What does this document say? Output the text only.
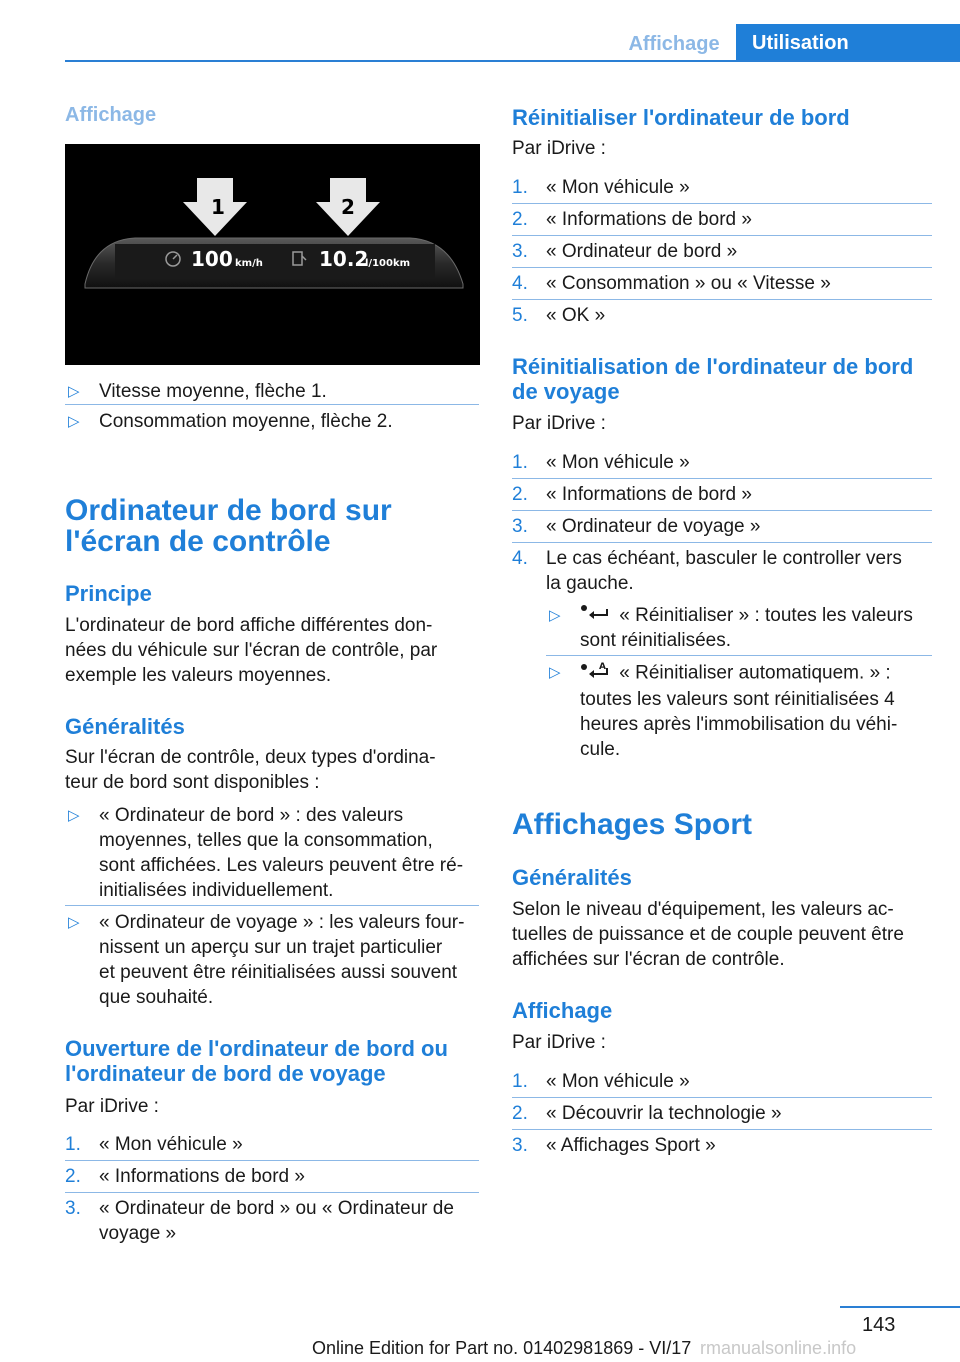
Affichage	Utilisation
Affichage
1	2
100 km/h	10.2
l/100km
▷ Vitesse moyenne, flèche 1.
▷ Consommation moyenne, flèche 2.
Ordinateur de bord sur
l'écran de contrôle
Principe
L'ordinateur de bord affiche différentes don-
nées du véhicule sur l'écran de contrôle, par
exemple les valeurs moyennes.
Généralités
Sur l'écran de contrôle, deux types d'ordina-
teur de bord sont disponibles :
▷ « Ordinateur de bord » : des valeurs
moyennes, telles que la consommation,
sont affichées. Les valeurs peuvent être ré-
initialisées individuellement.
▷ « Ordinateur de voyage » : les valeurs four-
nissent un aperçu sur un trajet particulier
et peuvent être réinitialisées aussi souvent
que souhaité.
Ouverture de l'ordinateur de bord ou
l'ordinateur de bord de voyage
Par iDrive :
1. « Mon véhicule »
2. « Informations de bord »
3. « Ordinateur de bord » ou « Ordinateur de
voyage »
Réinitialiser l'ordinateur de bord
Par iDrive :
1. « Mon véhicule »
2. « Informations de bord »
3. « Ordinateur de bord »
4. « Consommation » ou « Vitesse »
5. « OK »
Réinitialisation de l'ordinateur de bord
de voyage
Par iDrive :
1. « Mon véhicule »
2. « Informations de bord »
3. « Ordinateur de voyage »
4. Le cas échéant, basculer le controller vers
la gauche.
▷	« Réinitialiser » : toutes les valeurs
sont réinitialisées.
▷	A « Réinitialiser automatiquem. » :
toutes les valeurs sont réinitialisées 4
heures après l'immobilisation du véhi-
cule.
Affichages Sport
Généralités
Selon le niveau d'équipement, les valeurs ac-
tuelles de puissance et de couple peuvent être
affichées sur l'écran de contrôle.
Affichage
Par iDrive :
1. « Mon véhicule »
2. « Découvrir la technologie »
3. « Affichages Sport »
143
rmanualsonline.info
Online Edition for Part no. 01402981869 - VI/17
